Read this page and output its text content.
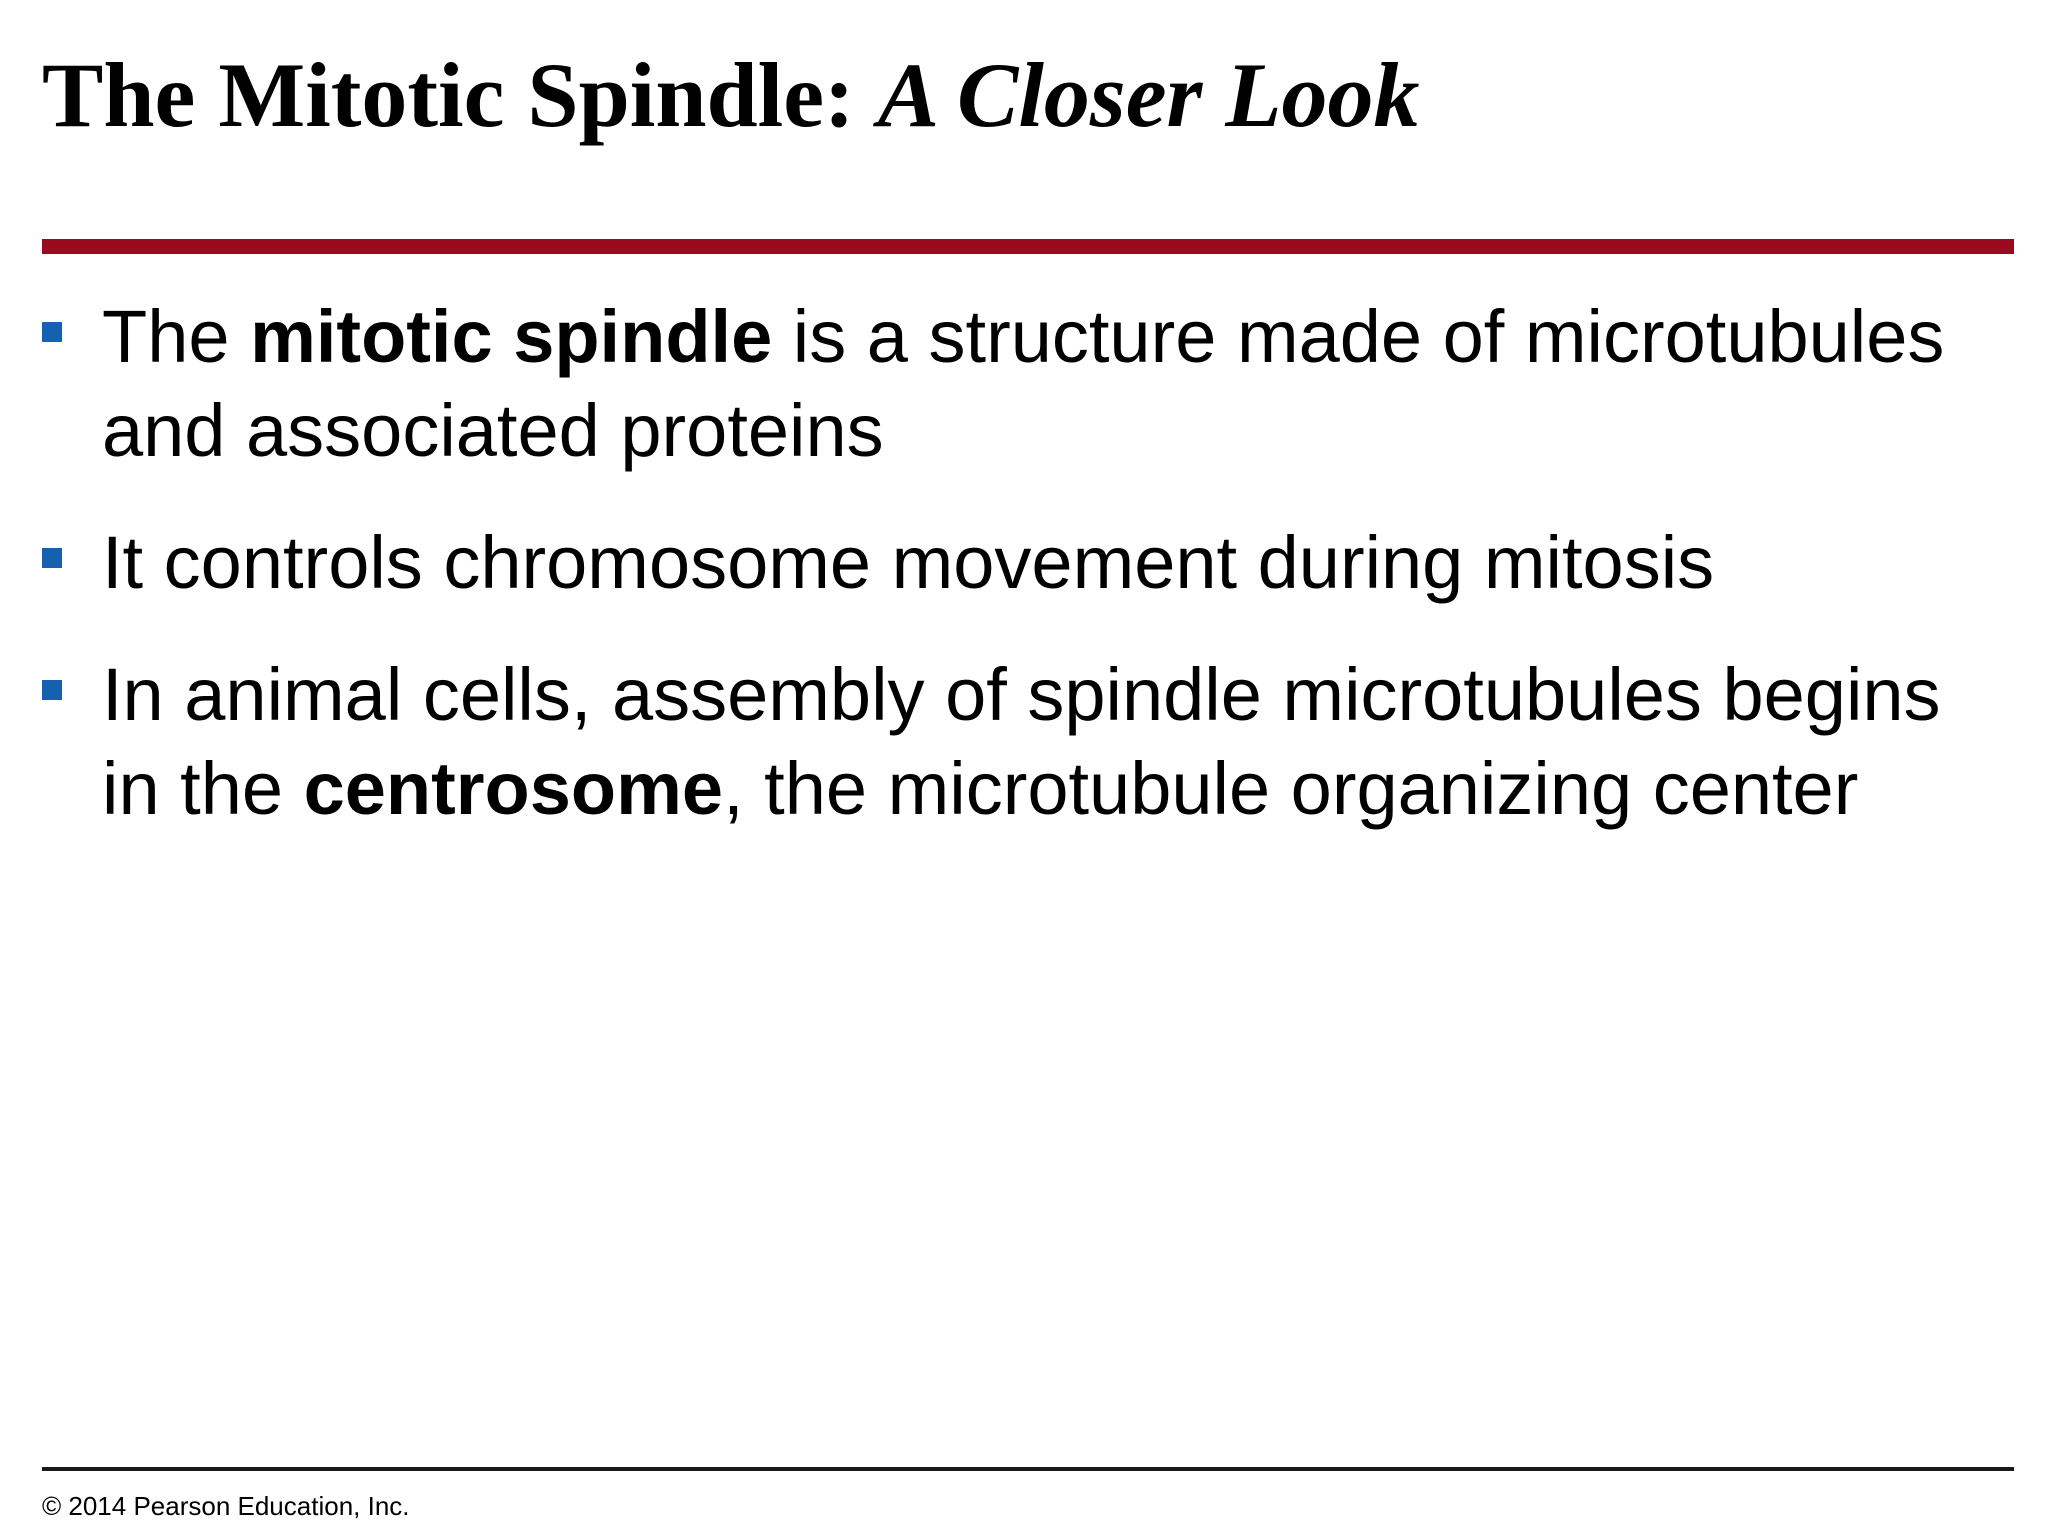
The Mitotic Spindle: A Closer Look
The mitotic spindle is a structure made of microtubules and associated proteins
It controls chromosome movement during mitosis
In animal cells, assembly of spindle microtubules begins in the centrosome, the microtubule organizing center
© 2014 Pearson Education, Inc.
